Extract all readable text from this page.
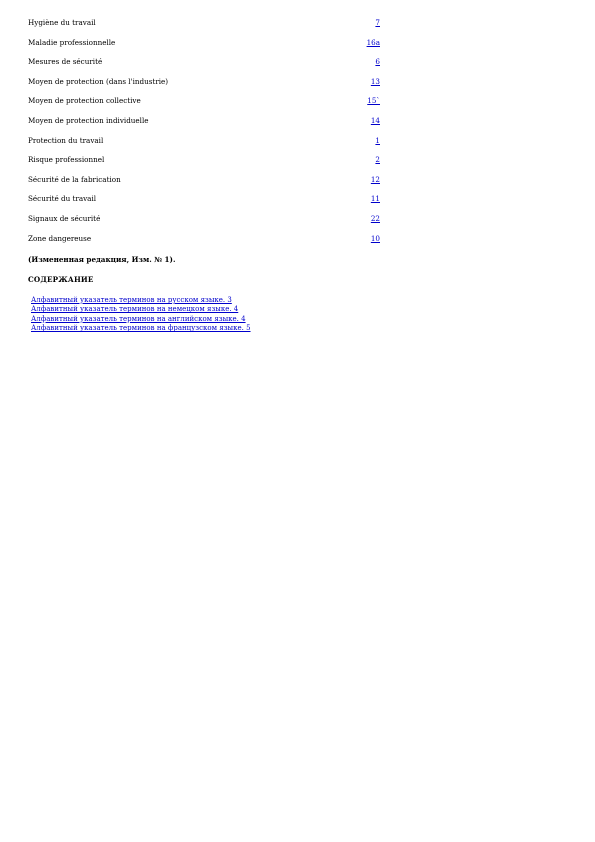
Hygiène du travail	7
Maladie professionnelle	16a
Mesures de sécurité	6
Moyen de protection (dans l'industrie)	13
Moyen de protection collective	15`
Moyen de protection individuelle	14
Protection du travail	1
Risque professionnel	2
Sécurité de la fabrication	12
Sécurité du travail	11
Signaux de sécurité	22
Zone dangereuse	10
(Измененная редакция, Изм. № 1).
СОДЕРЖАНИЕ
Алфавитный указатель терминов на русском языке. 3
Алфавитный указатель терминов на немецком языке. 4
Алфавитный указатель терминов на английском языке. 4
Алфавитный указатель терминов на французском языке. 5
